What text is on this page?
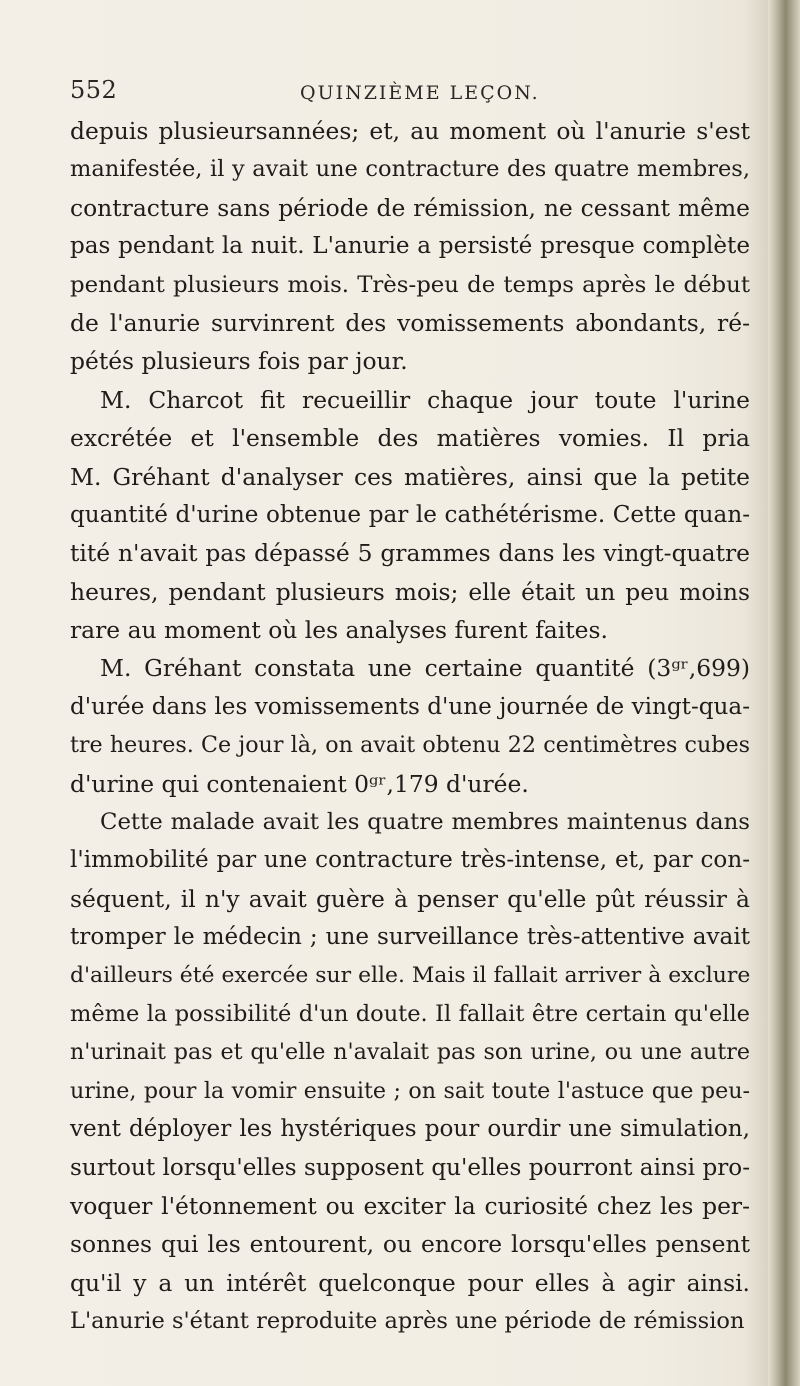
552	QUINZIÈME LEÇON.
depuis plusieursannées; et, au moment où l'anurie s'est
manifestée, il y avait une contracture des quatre membres,
contracture sans période de rémission, ne cessant même
pas pendant la nuit. L'anurie a persisté presque complète
pendant plusieurs mois. Très-peu de temps après le début
de l'anurie survinrent des vomissements abondants, ré-
pétés plusieurs fois par jour.
M. Charcot fit recueillir chaque jour toute l'urine
excrétée et l'ensemble des matières vomies. Il pria
M. Gréhant d'analyser ces matières, ainsi que la petite
quantité d'urine obtenue par le cathétérisme. Cette quan-
tité n'avait pas dépassé 5 grammes dans les vingt-quatre
heures, pendant plusieurs mois; elle était un peu moins
rare au moment où les analyses furent faites.
M. Gréhant constata une certaine quantité (3ᵍʳ,699)
d'urée dans les vomissements d'une journée de vingt-qua-
tre heures. Ce jour là, on avait obtenu 22 centimètres cubes
d'urine qui contenaient 0ᵍʳ,179 d'urée.
Cette malade avait les quatre membres maintenus dans
l'immobilité par une contracture très-intense, et, par con-
séquent, il n'y avait guère à penser qu'elle pût réussir à
tromper le médecin ; une surveillance très-attentive avait
d'ailleurs été exercée sur elle. Mais il fallait arriver à exclure
même la possibilité d'un doute. Il fallait être certain qu'elle
n'urinait pas et qu'elle n'avalait pas son urine, ou une autre
urine, pour la vomir ensuite ; on sait toute l'astuce que peu-
vent déployer les hystériques pour ourdir une simulation,
surtout lorsqu'elles supposent qu'elles pourront ainsi pro-
voquer l'étonnement ou exciter la curiosité chez les per-
sonnes qui les entourent, ou encore lorsqu'elles pensent
qu'il y a un intérêt quelconque pour elles à agir ainsi.
L'anurie s'étant reproduite après une période de rémission
